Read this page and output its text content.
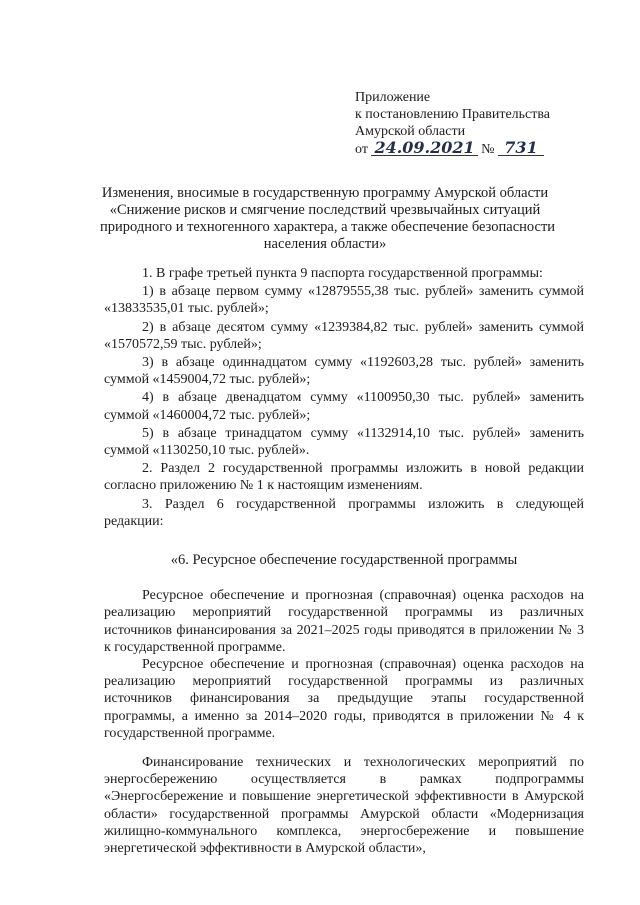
Приложение
к постановлению Правительства
Амурской области
от 24.09.2021 № 731
Изменения, вносимые в государственную программу Амурской области
«Снижение рисков и смягчение последствий чрезвычайных ситуаций
природного и техногенного характера, а также обеспечение безопасности
населения области»

1. В графе третьей пункта 9 паспорта государственной программы:

1) в абзаце первом сумму «12879555,38 тыс. рублей» заменить суммой «13833535,01 тыс. рублей»;

2) в абзаце десятом сумму «1239384,82 тыс. рублей» заменить суммой «1570572,59 тыс. рублей»;

3) в абзаце одиннадцатом сумму «1192603,28 тыс. рублей» заменить суммой «1459004,72 тыс. рублей»;

4) в абзаце двенадцатом сумму «1100950,30 тыс. рублей» заменить суммой «1460004,72 тыс. рублей»;

5) в абзаце тринадцатом сумму «1132914,10 тыс. рублей» заменить суммой «1130250,10 тыс. рублей».

2. Раздел 2 государственной программы изложить в новой редакции согласно приложению № 1 к настоящим изменениям.

3. Раздел 6 государственной программы изложить в следующей редакции:

«6. Ресурсное обеспечение государственной программы

Ресурсное обеспечение и прогнозная (справочная) оценка расходов на реализацию мероприятий государственной программы из различных источников финансирования за 2021–2025 годы приводятся в приложении № 3 к государственной программе.

Ресурсное обеспечение и прогнозная (справочная) оценка расходов на реализацию мероприятий государственной программы из различных источников финансирования за предыдущие этапы государственной программы, а именно за 2014–2020 годы, приводятся в приложении № 4 к государственной программе.

Финансирование технических и технологических мероприятий по энергосбережению осуществляется в рамках подпрограммы «Энергосбережение и повышение энергетической эффективности в Амурской области» государственной программы Амурской области «Модернизация жилищно-коммунального комплекса, энергосбережение и повышение энергетической эффективности в Амурской области»,
